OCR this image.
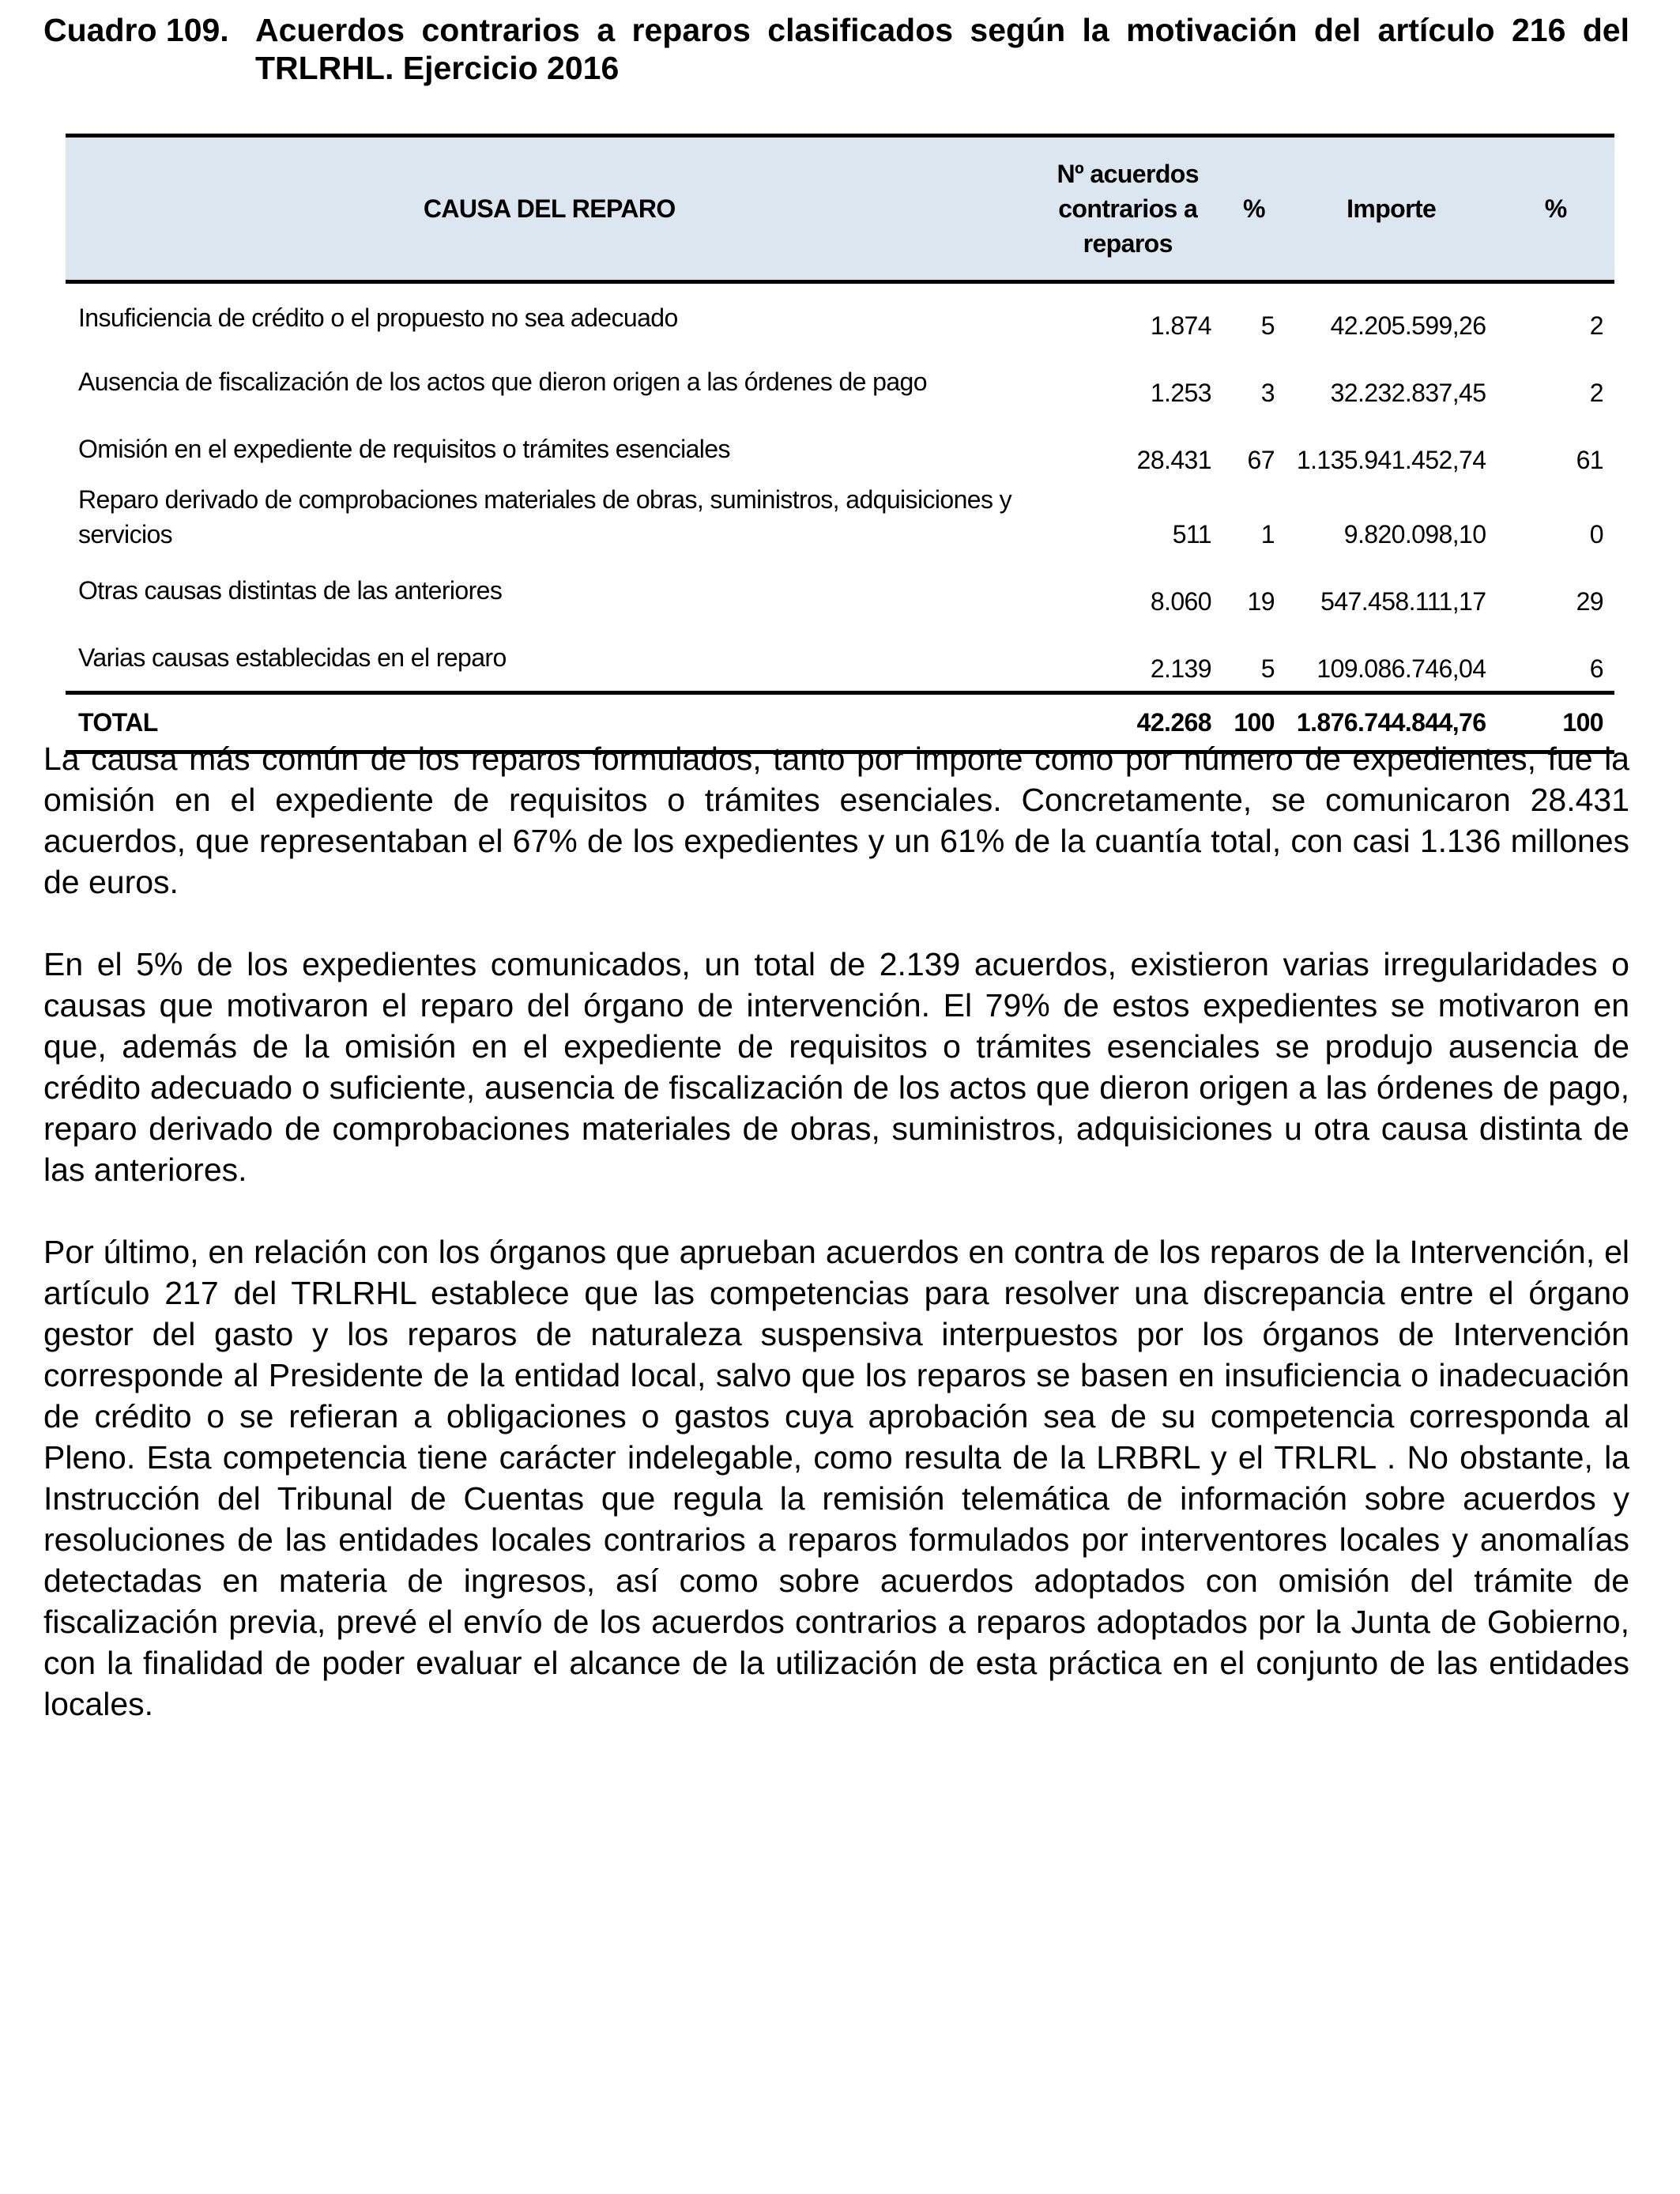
Cuadro 109. Acuerdos contrarios a reparos clasificados según la motivación del artículo 216 del TRLRHL. Ejercicio 2016
CAUSA DEL REPARO	Nº acuerdos contrarios a reparos	%	Importe	%
Insuficiencia de crédito o el propuesto no sea adecuado	1.874	5	42.205.599,26	2
Ausencia de fiscalización de los actos que dieron origen a las órdenes de pago	1.253	3	32.232.837,45	2
Omisión en el expediente de requisitos o trámites esenciales	28.431	67	1.135.941.452,74	61
Reparo derivado de comprobaciones materiales de obras, suministros, adquisiciones y servicios	511	1	9.820.098,10	0
Otras causas distintas de las anteriores	8.060	19	547.458.111,17	29
Varias causas establecidas en el reparo	2.139	5	109.086.746,04	6
TOTAL	42.268	100	1.876.744.844,76	100

La causa más común de los reparos formulados, tanto por importe como por número de expedientes, fue la omisión en el expediente de requisitos o trámites esenciales. Concretamente, se comunicaron 28.431 acuerdos, que representaban el 67% de los expedientes y un 61% de la cuantía total, con casi 1.136 millones de euros.

En el 5% de los expedientes comunicados, un total de 2.139 acuerdos, existieron varias irregularidades o causas que motivaron el reparo del órgano de intervención. El 79% de estos expedientes se motivaron en que, además de la omisión en el expediente de requisitos o trámites esenciales se produjo ausencia de crédito adecuado o suficiente, ausencia de fiscalización de los actos que dieron origen a las órdenes de pago, reparo derivado de comprobaciones materiales de obras, suministros, adquisiciones u otra causa distinta de las anteriores.

Por último, en relación con los órganos que aprueban acuerdos en contra de los reparos de la Intervención, el artículo 217 del TRLRHL establece que las competencias para resolver una discrepancia entre el órgano gestor del gasto y los reparos de naturaleza suspensiva interpuestos por los órganos de Intervención corresponde al Presidente de la entidad local, salvo que los reparos se basen en insuficiencia o inadecuación de crédito o se refieran a obligaciones o gastos cuya aprobación sea de su competencia corresponda al Pleno. Esta competencia tiene carácter indelegable, como resulta de la LRBRL y el TRLRL . No obstante, la Instrucción del Tribunal de Cuentas que regula la remisión telemática de información sobre acuerdos y resoluciones de las entidades locales contrarios a reparos formulados por interventores locales y anomalías detectadas en materia de ingresos, así como sobre acuerdos adoptados con omisión del trámite de fiscalización previa, prevé el envío de los acuerdos contrarios a reparos adoptados por la Junta de Gobierno, con la finalidad de poder evaluar el alcance de la utilización de esta práctica en el conjunto de las entidades locales.
